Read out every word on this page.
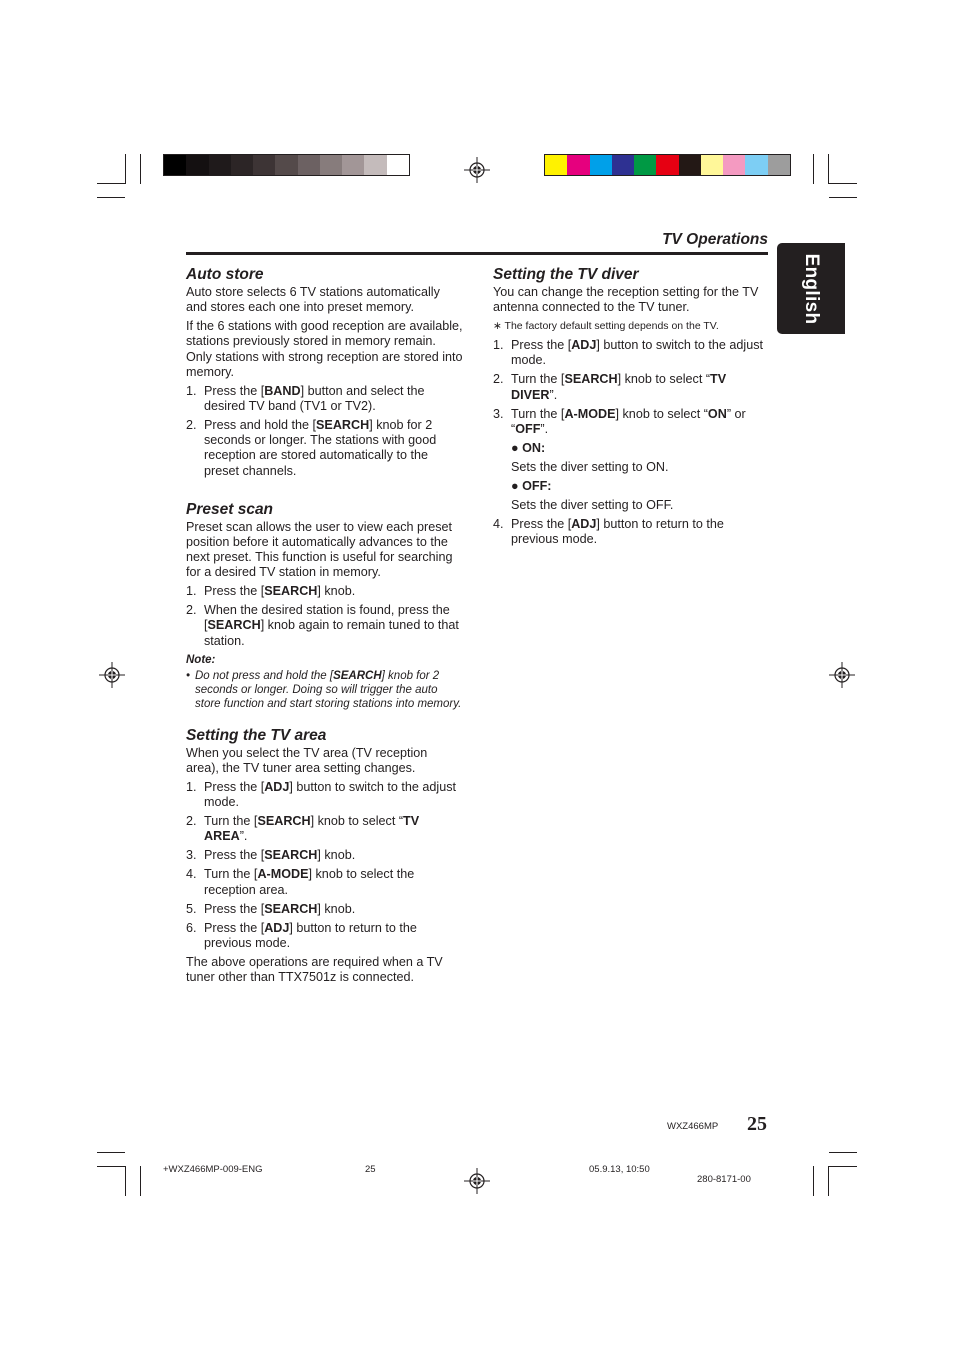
TV Operations
English
Auto store

Auto store selects 6 TV stations automatically and stores each one into preset memory.

If the 6 stations with good reception are available, stations previously stored in memory remain. Only stations with strong reception are stored into memory.

1. Press the [BAND] button and select the desired TV band (TV1 or TV2).
2. Press and hold the [SEARCH] knob for 2 seconds or longer. The stations with good reception are stored automatically to the preset channels.
Preset scan

Preset scan allows the user to view each preset position before it automatically advances to the next preset. This function is useful for searching for a desired TV station in memory.

1. Press the [SEARCH] knob.
2. When the desired station is found, press the [SEARCH] knob again to remain tuned to that station.
Note:
• Do not press and hold the [SEARCH] knob for 2 seconds or longer. Doing so will trigger the auto store function and start storing stations into memory.
Setting the TV area

When you select the TV area (TV reception area), the TV tuner area setting changes.

1. Press the [ADJ] button to switch to the adjust mode.
2. Turn the [SEARCH] knob to select “TV AREA”.
3. Press the [SEARCH] knob.
4. Turn the [A-MODE] knob to select the reception area.
5. Press the [SEARCH] knob.
6. Press the [ADJ] button to return to the previous mode.

The above operations are required when a TV tuner other than TTX7501z is connected.

Setting the TV diver

You can change the reception setting for the TV antenna connected to the TV tuner.

∗ The factory default setting depends on the TV.

1. Press the [ADJ] button to switch to the adjust mode.
2. Turn the [SEARCH] knob to select “TV DIVER”.
3. Turn the [A-MODE] knob to select “ON” or “OFF”.

● ON:

Sets the diver setting to ON.

● OFF:

Sets the diver setting to OFF.

4. Press the [ADJ] button to return to the previous mode.
WXZ466MP 25
+WXZ466MP-009-ENG	25	05.9.13, 10:50
280-8171-00
